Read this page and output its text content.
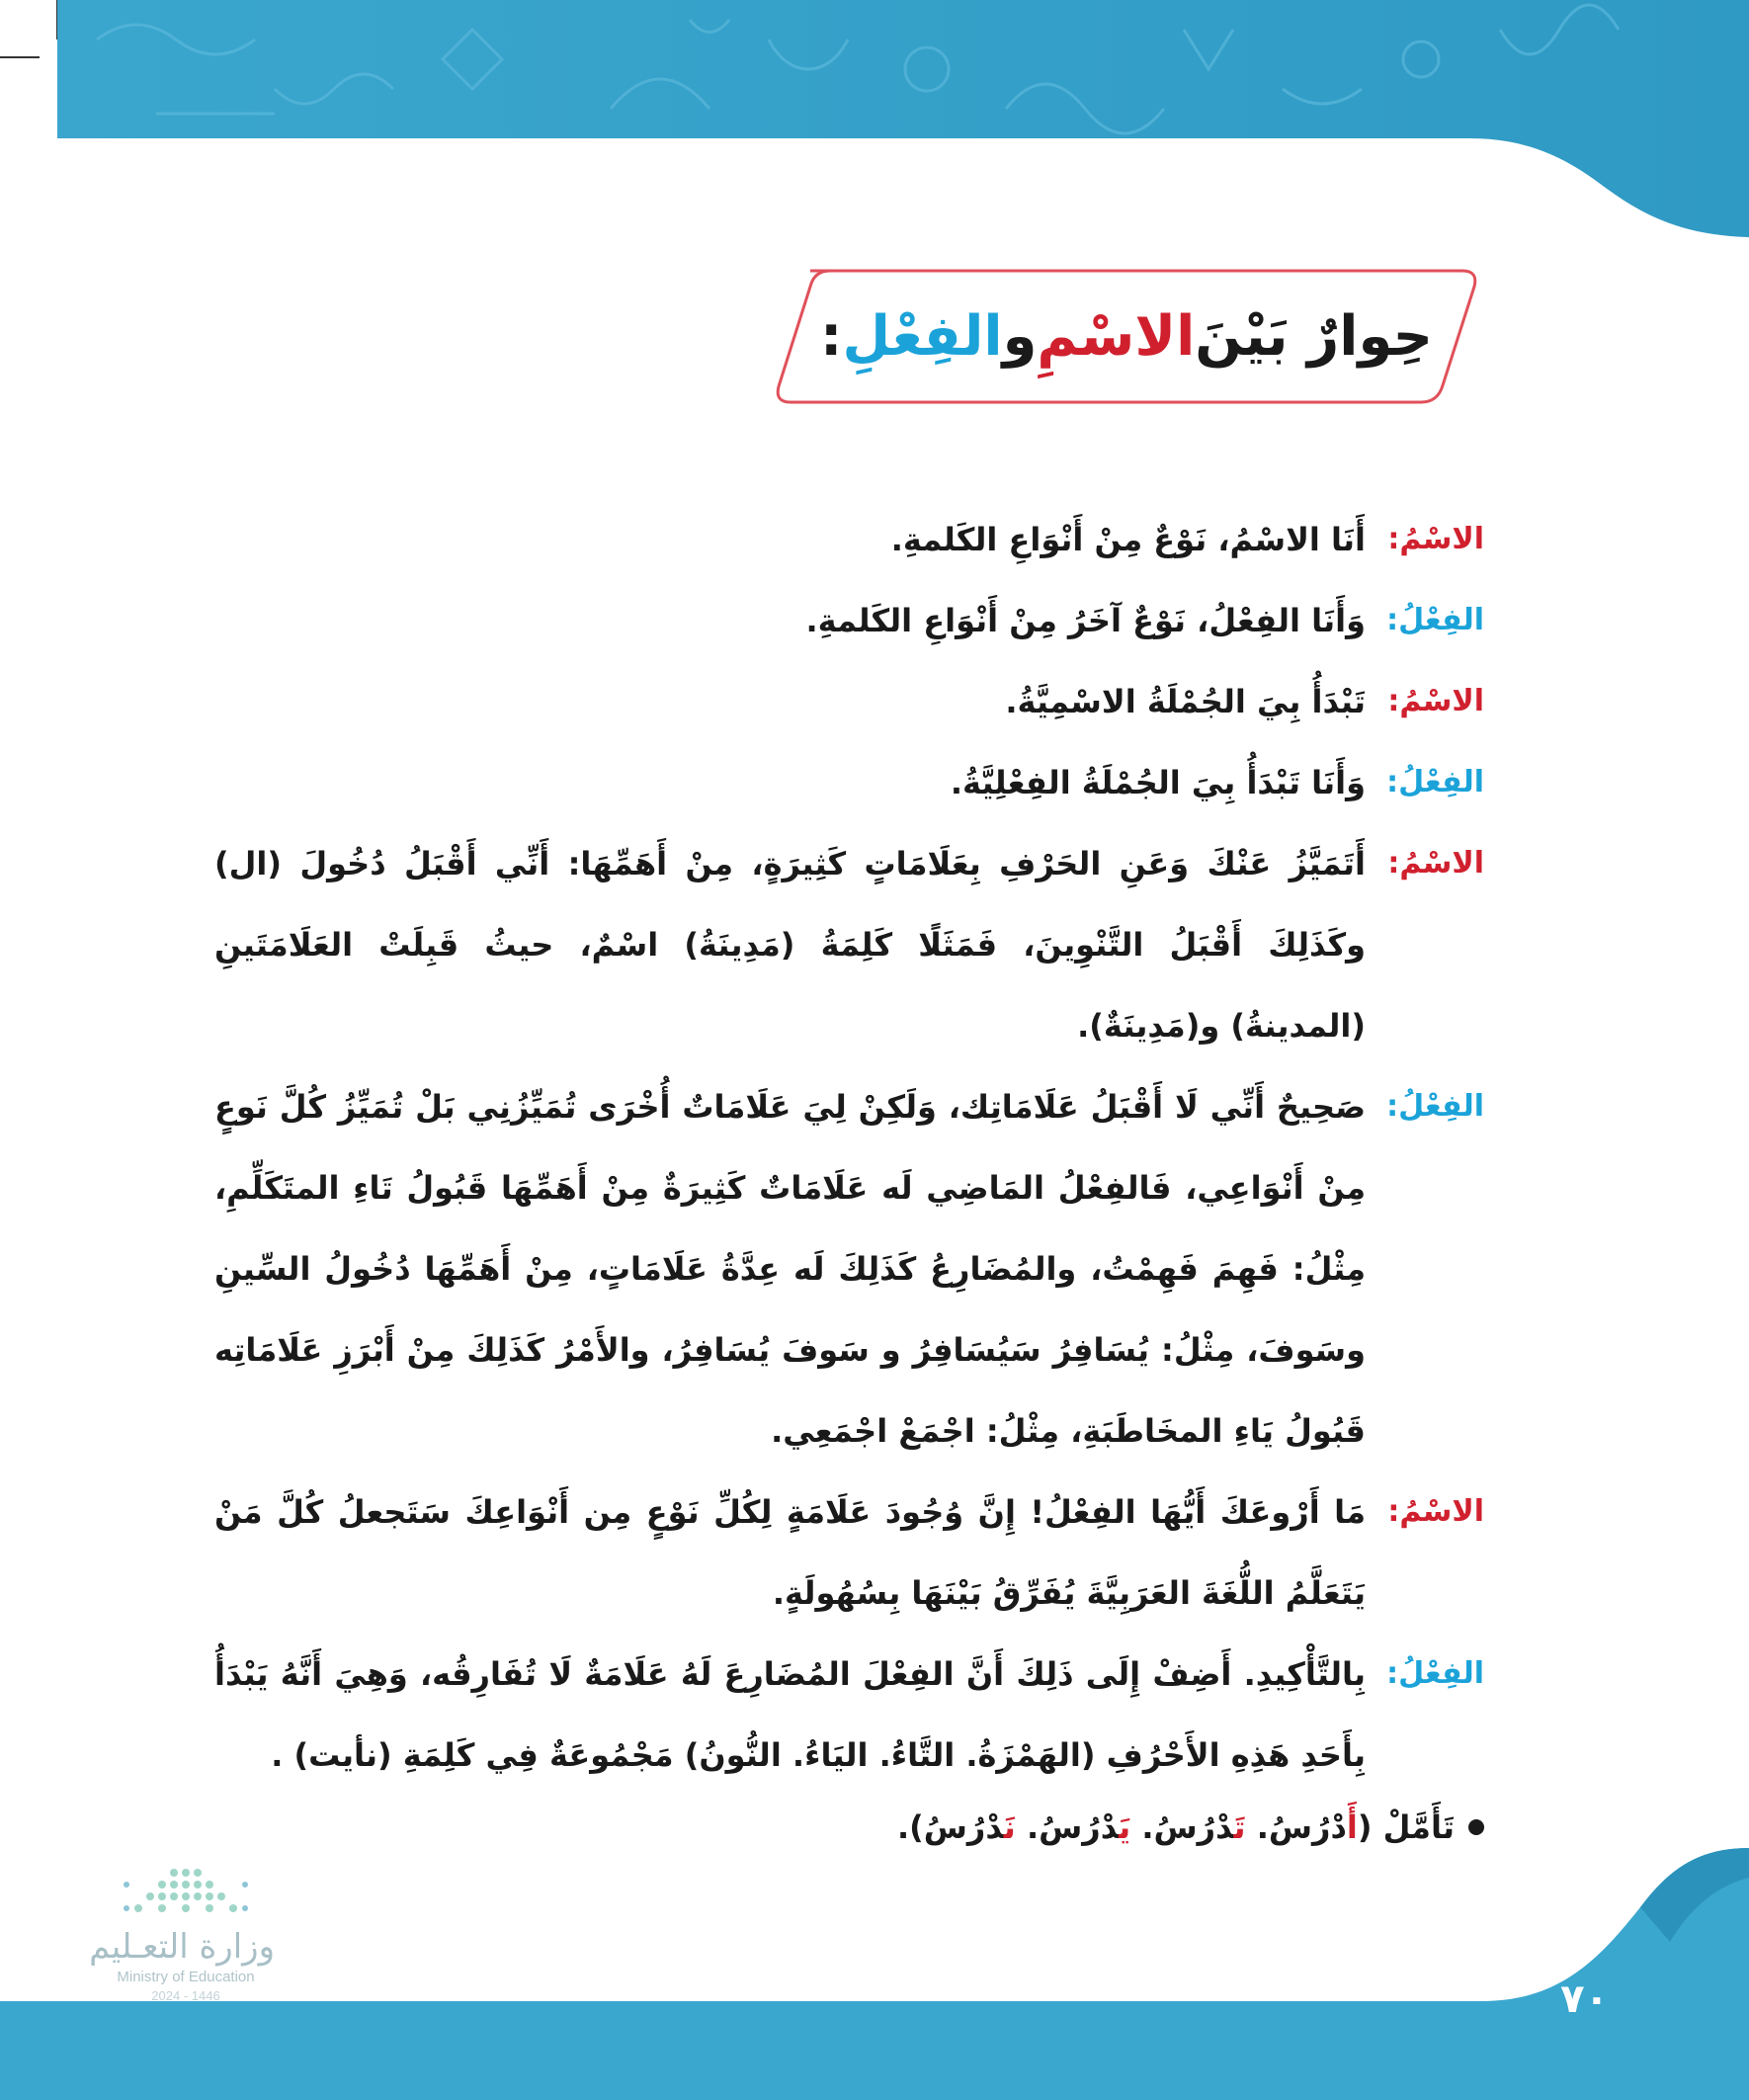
حِوارٌ بَيْنَ
الاسْمِ
و
الفِعْلِ
:
الاسْمُ:
أَنَا الاسْمُ، نَوْعٌ مِنْ أَنْوَاعِ الكَلمةِ.
الفِعْلُ:
وَأَنَا الفِعْلُ، نَوْعٌ آخَرُ مِنْ أَنْوَاعِ الكَلمةِ.
الاسْمُ:
تَبْدَأُ بِيَ الجُمْلَةُ الاسْمِيَّةُ.
الفِعْلُ:
وَأَنَا تَبْدَأُ بِيَ الجُمْلَةُ الفِعْلِيَّةُ.
الاسْمُ:
أَتَمَيَّزُ عَنْكَ وَعَنِ الحَرْفِ بِعَلَامَاتٍ كَثِيرَةٍ، مِنْ أَهَمِّهَا: أَنِّي أَقْبَلُ دُخُولَ (ال) وكَذَلِكَ أَقْبَلُ التَّنْوِينَ، فَمَثَلًا كَلِمَةُ (مَدِينَةُ) اسْمٌ، حيثُ قَبِلَتْ العَلَامَتَينِ (المدينةُ) و(مَدِينَةٌ).
الفِعْلُ:
صَحِيحٌ أَنِّي لَا أَقْبَلُ عَلَامَاتِك، وَلَكِنْ لِيَ عَلَامَاتٌ أُخْرَى تُمَيِّزُنِي بَلْ تُمَيِّزُ كُلَّ نَوعٍ مِنْ أَنْوَاعِي، فَالفِعْلُ المَاضِي لَه عَلَامَاتٌ كَثِيرَةٌ مِنْ أَهَمِّهَا قَبُولُ تَاءِ المتَكَلِّمِ، مِثْلُ: فَهِمَ فَهِمْتُ، والمُضَارِعُ كَذَلِكَ لَه عِدَّةُ عَلَامَاتٍ، مِنْ أَهَمِّهَا دُخُولُ السِّينِ وسَوفَ، مِثْلُ: يُسَافِرُ سَيُسَافِرُ و سَوفَ يُسَافِرُ، والأَمْرُ كَذَلِكَ مِنْ أَبْرَزِ عَلَامَاتِه قَبُولُ يَاءِ المخَاطَبَةِ، مِثْلُ: اجْمَعْ اجْمَعِي.
الاسْمُ:
مَا أَرْوعَكَ أَيُّهَا الفِعْلُ! إِنَّ وُجُودَ عَلَامَةٍ لِكُلِّ نَوْعٍ مِن أَنْوَاعِكَ سَتَجعلُ كُلَّ مَنْ يَتَعَلَّمُ اللُّغَةَ العَرَبِيَّةَ يُفَرِّقُ بَيْنَهَا بِسُهُولَةٍ.
الفِعْلُ:
بِالتَّأْكِيدِ. أَضِفْ إِلَى ذَلِكَ أَنَّ الفِعْلَ المُضَارِعَ لَهُ عَلَامَةٌ لَا تُفَارِقُه، وَهِيَ أَنَّهُ يَبْدَأُ بِأَحَدِ هَذِهِ الأَحْرُفِ (الهَمْزَةُ. التَّاءُ. اليَاءُ. النُّونُ) مَجْمُوعَةٌ فِي كَلِمَةِ (نأيت) .
تَأَمَّلْ (أَدْرُسُ. تَدْرُسُ. يَدْرُسُ. نَدْرُسُ).
وزارة التعـليم
Ministry of Education
2024 - 1446	٧٠
